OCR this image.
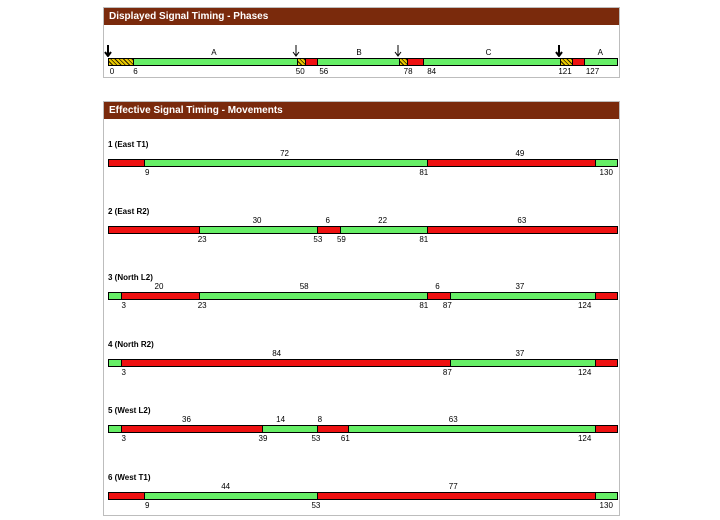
Displayed Signal Timing - Phases
A	B	C	A
0 6	50 56	78 84	121 127
Effective Signal Timing - Movements
1 (East T1)
72	49
9	81	130
2 (East R2)
30	6	22	63
23	53 59	81
3 (North L2)
20	58	6	37
3	23	81 87	124
4 (North R2)
84	37
3	87	124
5 (West L2)
36	14	8	63
3	39	53	61	124
6 (West T1)
44	77
9	53	130
